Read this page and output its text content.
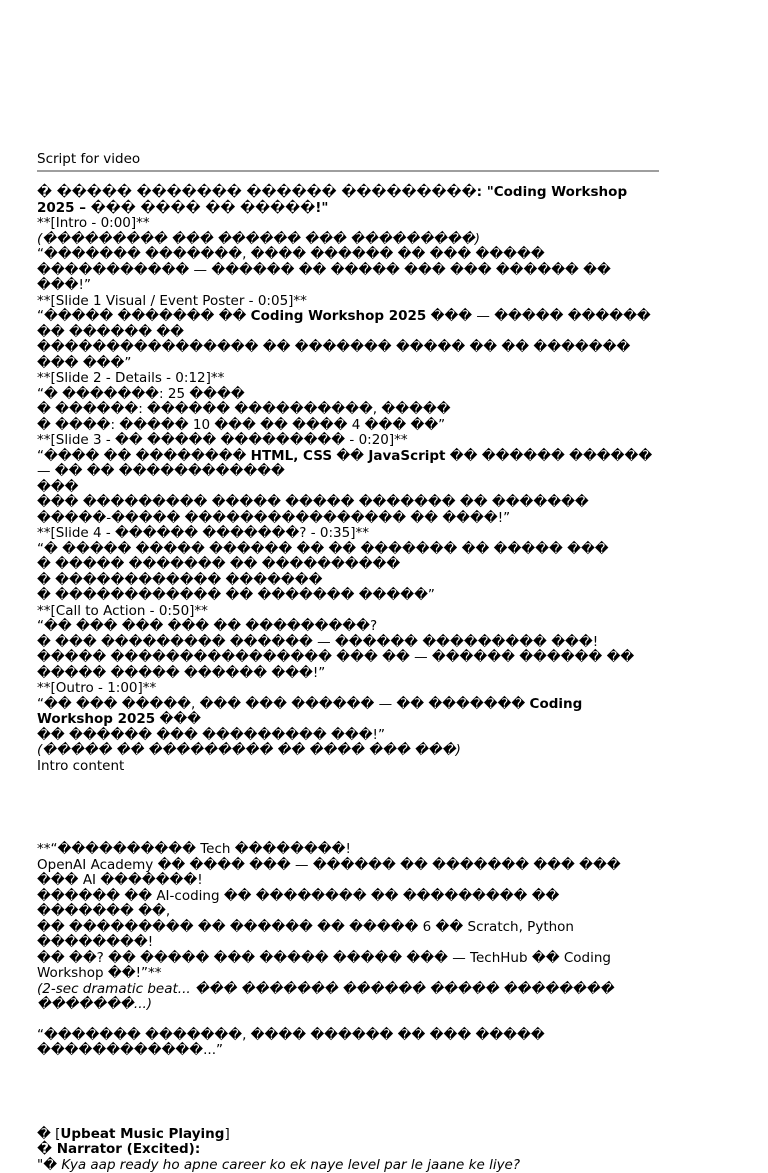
Script for video
� ����� ������� ������ ���������: "Coding Workshop 2025 – ��� ���� �� �����!"
**[Intro - 0:00]**
(��������� ��� ������ ��� ���������)
“������� �������, ���� ������ �� ��� ����� ����������� — ������ �� ����� ��� ��� ������ ��
���!”
**[Slide 1 Visual / Event Poster - 0:05]**
“����� ������� �� Coding Workshop 2025 ��� — ����� ������ �� ������ ��
���������������� �� ������� ����� �� �� ������� ��� ���”
**[Slide 2 - Details - 0:12]**
“� �������: 25 ����
� ������: ������ ����������, �����
� ����: ����� 10 ��� �� ���� 4 ��� ��”
**[Slide 3 - �� ����� ��������� - 0:20]**
“���� �� �������� HTML, CSS �� JavaScript �� ������ ������ — �� �� ������������
���
��� ��������� ����� ����� ������� �� ������� �����-����� ���������������� �� ����!”
**[Slide 4 - ������ �������? - 0:35]**
“� ����� ����� ������ �� �� ������� �� ����� ���
� ����� ������� �� ����������
� ������������ �������
� ������������ �� ������� �����”
**[Call to Action - 0:50]**
“�� ��� ��� ��� �� ���������?
� ��� ��������� ������ — ������ ��������� ���!
����� ���������������� ��� �� — ������ ������ �� ����� ����� ������ ���!”
**[Outro - 1:00]**
“�� ��� �����, ��� ��� ������ — �� ������� Coding Workshop 2025 ���
�� ������ ��� ��������� ���!”
(����� �� ��������� �� ���� ��� ���)
Intro content
**“���������� Tech ��������!
OpenAI Academy �� ���� ��� — ������ �� ������� ��� ��� ��� AI �������!
������ �� AI-coding �� �������� �� ��������� �� ������� ��,
�� ��������� �� ������ �� ����� 6 �� Scratch, Python ��������!
�� ��? �� ����� ��� ����� ����� ��� — TechHub �� Coding Workshop ��!”**
(2-sec dramatic beat... ��� ������� ������ ����� �������� �������...)
“������� �������, ���� ������ �� ��� ����� ������������...”
� [Upbeat Music Playing]
� Narrator (Excited):
"� Kya aap ready ho apne career ko ek naye level par le jaane ke liye?
